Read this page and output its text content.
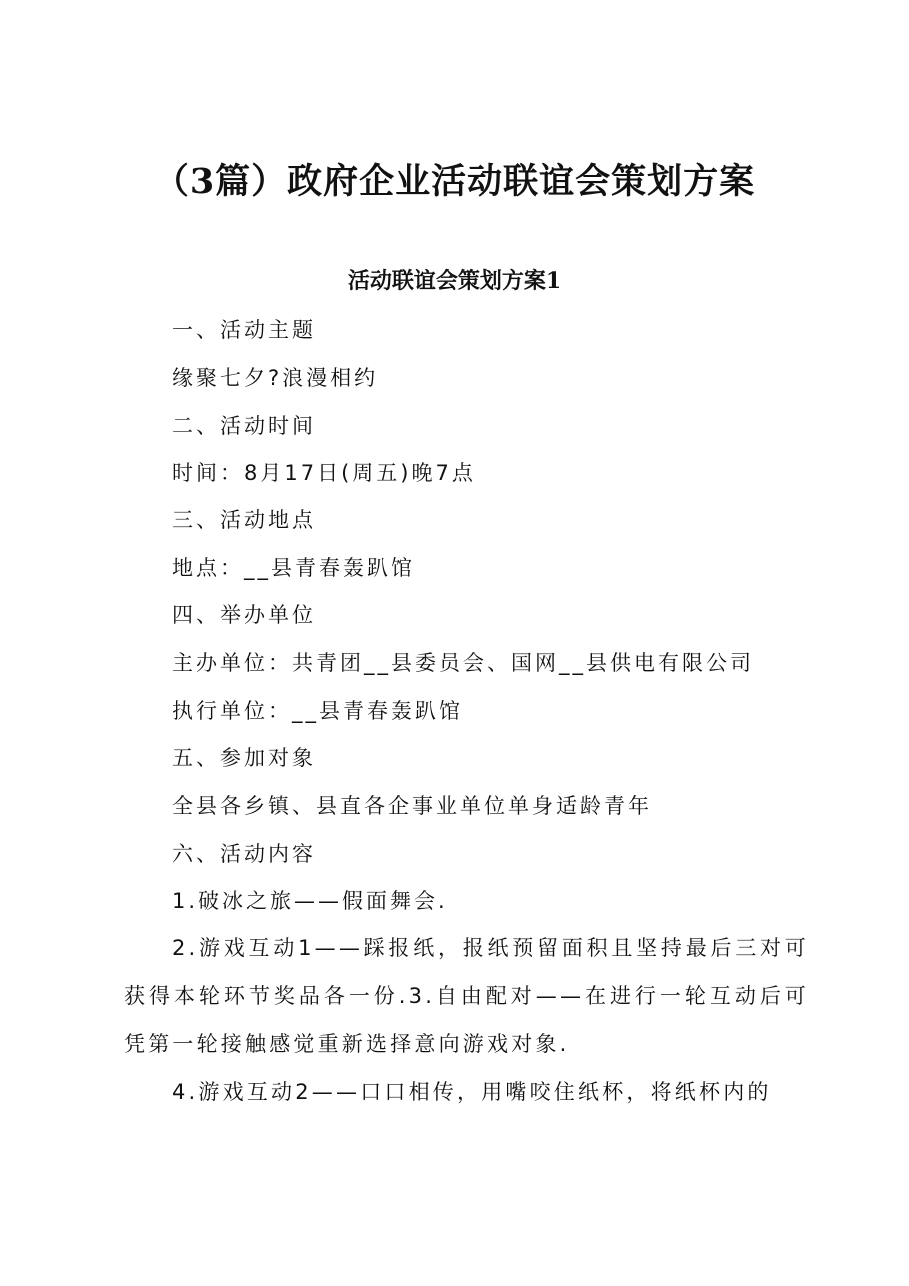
（3篇）政府企业活动联谊会策划方案
活动联谊会策划方案1

一、活动主题

缘聚七夕?浪漫相约

二、活动时间

时间：8月17日(周五)晚7点

三、活动地点

地点：__县青春轰趴馆

四、举办单位

主办单位：共青团__县委员会、国网__县供电有限公司

执行单位：__县青春轰趴馆

五、参加对象

全县各乡镇、县直各企事业单位单身适龄青年

六、活动内容

1.破冰之旅——假面舞会.

2.游戏互动1——踩报纸，报纸预留面积且坚持最后三对可获得本轮环节奖品各一份.3.自由配对——在进行一轮互动后可凭第一轮接触感觉重新选择意向游戏对象.

4.游戏互动2——口口相传，用嘴咬住纸杯，将纸杯内的
